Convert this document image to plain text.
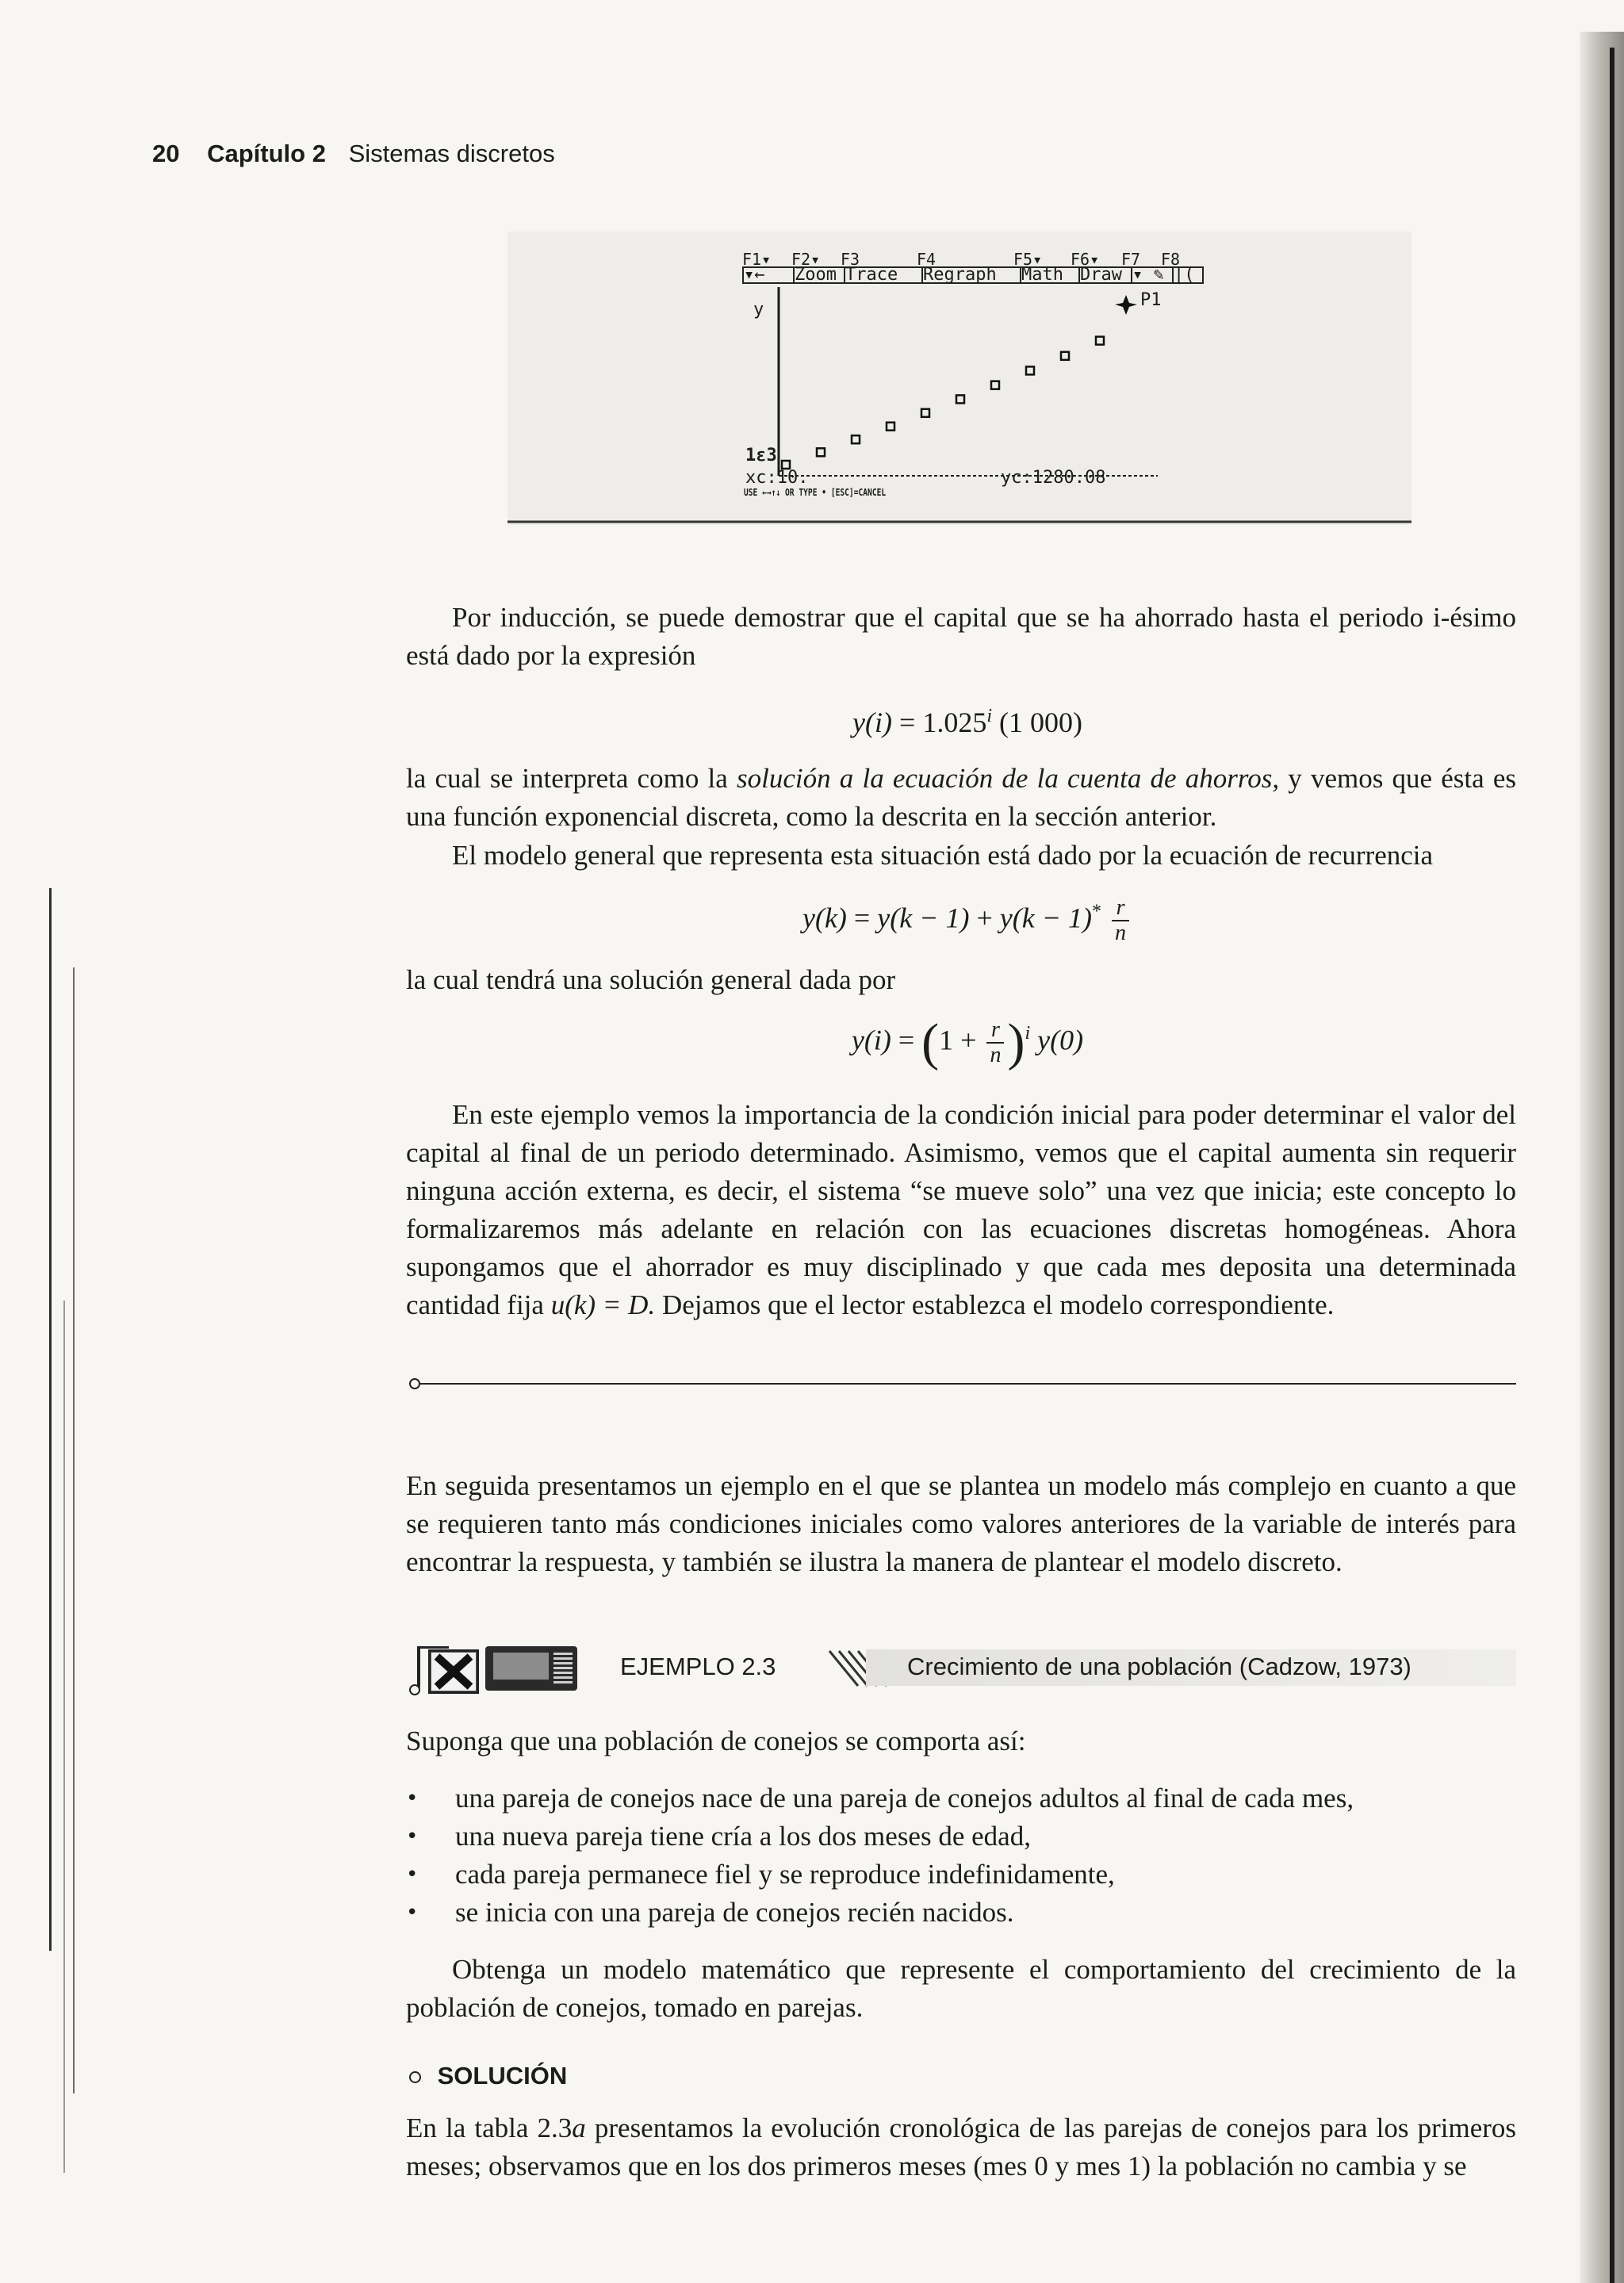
20 Capítulo 2 Sistemas discretos
F1▾	F2▾	F3	F4	F5▾	F6▾	F7	F8
▾←	Zoom Trace	Regraph	Math Draw ▾ ✎ |(
y
1ε3
P1
xc:10.	yc:1280.08
USE ←→↑↓ OR TYPE • [ESC]=CANCEL
Por inducción, se puede demostrar que el capital que se ha ahorrado hasta el periodo i-ésimo está dado por la expresión
$y(i) = 1.025^i$ (1 000)
la cual se interpreta como la solución a la ecuación de la cuenta de ahorros, y vemos que ésta es una función exponencial discreta, como la descrita en la sección anterior.
El modelo general que representa esta situación está dado por la ecuación de recurrencia
$y(k) = y(k - 1) + y(k - 1)^* \frac{r}{n}$
la cual tendrá una solución general dada por
$y(i) = (1 + \frac{r}{n} )^i$ y(0)
En este ejemplo vemos la importancia de la condición inicial para poder determinar el valor del capital al final de un periodo determinado. Asimismo, vemos que el capital aumenta sin requerir ninguna acción externa, es decir, el sistema “se mueve solo” una vez que inicia; este concepto lo formalizaremos más adelante en relación con las ecuaciones discretas homogéneas. Ahora supongamos que el ahorrador es muy disciplinado y que cada mes deposita una determinada cantidad fija u(k) = D. Dejamos que el lector establezca el modelo correspondiente.
En seguida presentamos un ejemplo en el que se plantea un modelo más complejo en cuanto a que se requieren tanto más condiciones iniciales como valores anteriores de la variable de interés para encontrar la respuesta, y también se ilustra la manera de plantear el modelo discreto.
EJEMPLO 2.3	Crecimiento de una población (Cadzow, 1973)
Suponga que una población de conejos se comporta así:
• una pareja de conejos nace de una pareja de conejos adultos al final de cada mes,
• una nueva pareja tiene cría a los dos meses de edad,
• cada pareja permanece fiel y se reproduce indefinidamente,
• se inicia con una pareja de conejos recién nacidos.
Obtenga un modelo matemático que represente el comportamiento del crecimiento de la población de conejos, tomado en parejas.
SOLUCIÓN
En la tabla 2.3a presentamos la evolución cronológica de las parejas de conejos para los primeros meses; observamos que en los dos primeros meses (mes 0 y mes 1) la población no cambia y se
